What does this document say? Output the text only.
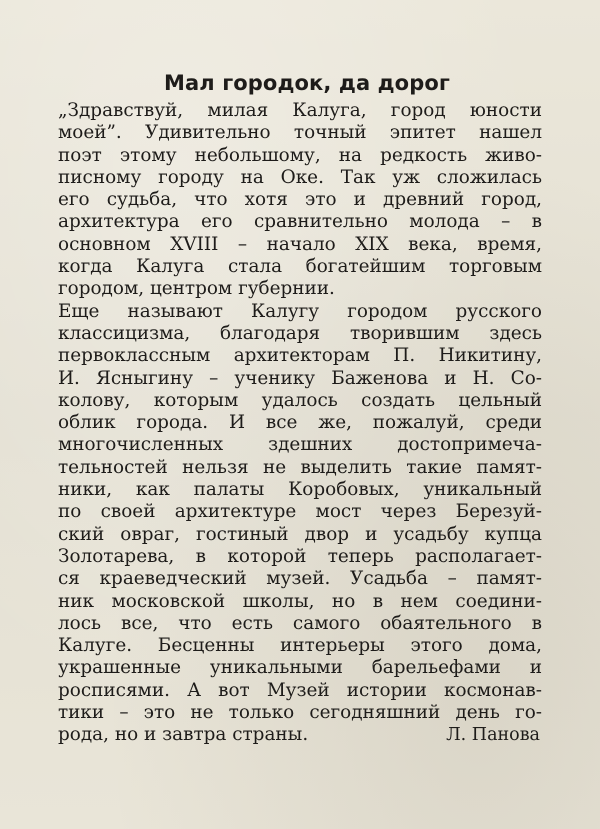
Мал городок, да дорог
„Здравствуй, милая Калуга, город юности
моей”. Удивительно точный эпитет нашел
поэт этому небольшому, на редкость живо-
писному городу на Оке. Так уж сложилась
его судьба, что хотя это и древний город,
архитектура его сравнительно молода – в
основном XVIII – начало XIX века, время,
когда Калуга стала богатейшим торговым
городом, центром губернии.
Еще называют Калугу городом русского
классицизма, благодаря творившим здесь
первоклассным архитекторам П. Никитину,
И. Ясныгину – ученику Баженова и Н. Со-
колову, которым удалось создать цельный
облик города. И все же, пожалуй, среди
многочисленных здешних достопримеча-
тельностей нельзя не выделить такие памят-
ники, как палаты Коробовых, уникальный
по своей архитектуре мост через Березуй-
ский овраг, гостиный двор и усадьбу купца
Золотарева, в которой теперь располагает-
ся краеведческий музей. Усадьба – памят-
ник московской школы, но в нем соедини-
лось все, что есть самого обаятельного в
Калуге. Бесценны интерьеры этого дома,
украшенные уникальными барельефами и
росписями. А вот Музей истории космонав-
тики – это не только сегодняшний день го-
рода, но и завтра страны.	Л. Панова
